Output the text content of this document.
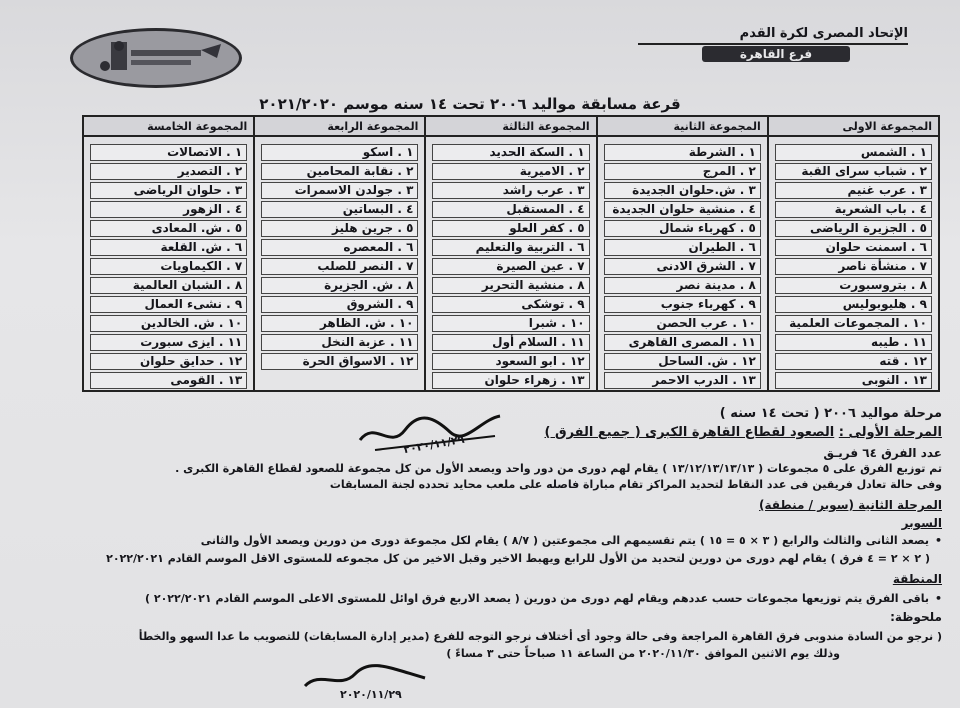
الإتحاد المصرى لكرة القدم
فرع القاهرة
قرعة مسابقة مواليد ٢٠٠٦ تحت ١٤ سنه موسم ٢٠٢١/٢٠٢٠
المجموعة الاولى	المجموعة الثانية	المجموعة الثالثة	المجموعة الرابعة	المجموعة الخامسة

١ . الشمس	١ . الشرطة	١ . السكة الحديد	١ . اسكو	١ . الاتصالات

٢ . شباب سراى القبة	٢ . المرج	٢ . الاميرية	٢ . نقابة المحامين	٢ . التصدير

٣ . عرب غنيم	٣ . ش.حلوان الجديدة	٣ . عرب راشد	٣ . جولدن الاسمرات	٣ . حلوان الرياضى

٤ . باب الشعرية	٤ . منشية حلوان الجديدة	٤ . المستقبل	٤ . البساتين	٤ . الزهور

٥ . الجزيرة الرياضى	٥ . كهرباء شمال	٥ . كفر العلو	٥ . جرين هليز	٥ . ش. المعادى

٦ . اسمنت حلوان	٦ . الطيران	٦ . التربية والتعليم	٦ . المعصره	٦ . ش. القلعة

٧ . منشأة ناصر	٧ . الشرق الادنى	٧ . عين الصيرة	٧ . النصر للصلب	٧ . الكيماويات

٨ . بتروسبورت	٨ . مدينة نصر	٨ . منشية التحرير	٨ . ش. الجزيرة	٨ . الشبان العالمية

٩ . هليوبوليس	٩ . كهرباء جنوب	٩ . توشكى	٩ . الشروق	٩ . نشىء العمال

١٠ . المجموعات العلمية	١٠ . عرب الحصن	١٠ . شبرا	١٠ . ش. الظاهر	١٠ . ش. الخالدين

١١ . طيبه	١١ . المصرى القاهرى	١١ . السلام أول	١١ . عزبة النخل	١١ . ايزى سبورت

١٢ . قته	١٢ . ش. الساحل	١٢ . ابو السعود	١٢ . الاسواق الحرة	١٢ . حدايق حلوان

١٣ . النوبى	١٣ . الدرب الاحمر	١٣ . زهراء حلوان		١٣ . القومى
مرحلة مواليد ٢٠٠٦ ( تحت ١٤ سنه )
المرحلة الأولى : الصعود لقطاع القاهرة الكبرى ( جميع الفرق )
عدد الفرق ٦٤ فريـق
تم توزيع الفرق على ٥ مجموعات ( ١٣/١٢/١٣/١٣/١٣ ) يقام لهم دورى من دور واحد ويصعد الأول من كل مجموعة للصعود لقطاع القاهرة الكبرى .
وفى حالة تعادل فريقين فى عدد النقاط لتحديد المراكز تقام مباراة فاصله على ملعب محايد تحدده لجنة المسابقات
المرحلة الثانية (سوبر / منطقة)
السوبر
• يصعد الثانى والثالث والرابع ( ٣ × ٥ = ١٥ ) يتم تقسيمهم الى مجموعتين ( ٨/٧ ) يقام لكل مجموعة دورى من دورين ويصعد الأول والثانى
( ٢ × ٢ = ٤ فرق ) يقام لهم دورى من دورين لتحديد من الأول للرابع ويهبط الاخير وقبل الاخير من كل مجموعه للمستوى الاقل الموسم القادم ٢٠٢٢/٢٠٢١
المنطقة
• باقى الفرق يتم توزيعها مجموعات حسب عددهم ويقام لهم دورى من دورين ( يصعد الاربع فرق اوائل للمستوى الاعلى الموسم القادم ٢٠٢٢/٢٠٢١ )
ملحوظة:
( نرجو من السادة مندوبى فرق القاهرة المراجعة وفى حالة وجود أى أختلاف نرجو التوجه للفرع (مدير إدارة المسابقات) للتصويب ما عدا السهو والخطأ
وذلك يوم الاثنين الموافق ٢٠٢٠/١١/٣٠ من الساعة ١١ صباحاً حتى ٣ مساءً )
٢٠٢٠/١١/٢٩
٢٠٢٠/١١/٢٩
